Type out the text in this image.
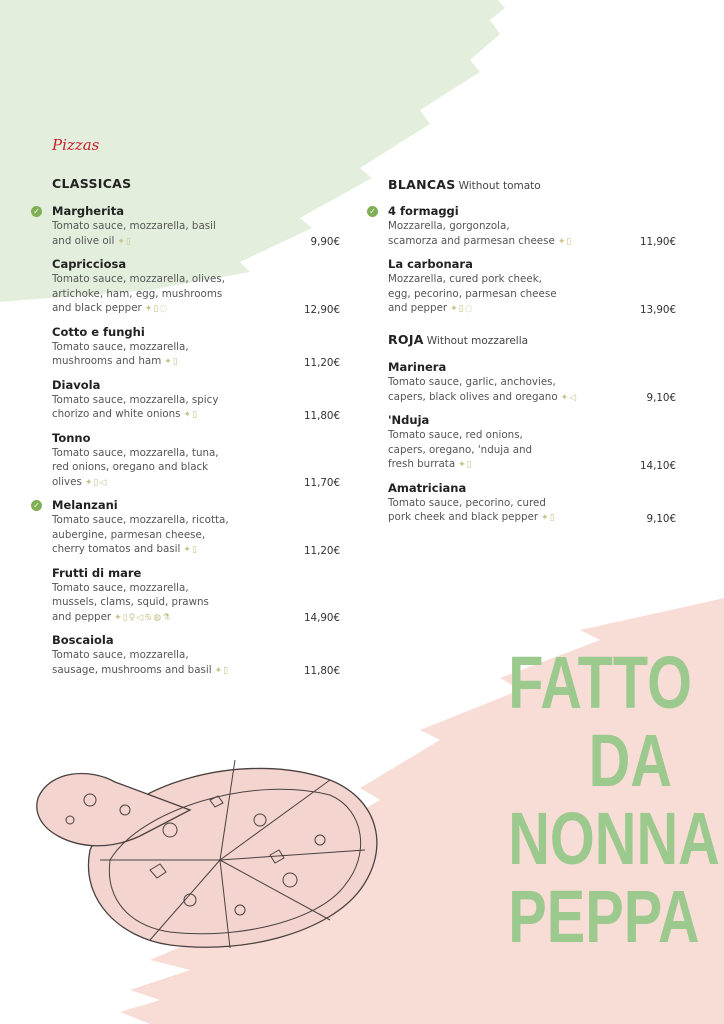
Pizzas
CLASSICAS
✓ Margherita
Tomato sauce, mozzarella, basil
and olive oil ✦▯	9,90€
Capricciosa
Tomato sauce, mozzarella, olives,
artichoke, ham, egg, mushrooms
and black pepper ✦▯◌	12,90€
Cotto e funghi
Tomato sauce, mozzarella,
mushrooms and ham ✦▯	11,20€
Diavola
Tomato sauce, mozzarella, spicy
chorizo and white onions ✦▯	11,80€
Tonno
Tomato sauce, mozzarella, tuna,
red onions, oregano and black
olives ✦▯◁	11,70€
✓ Melanzani
Tomato sauce, mozzarella, ricotta,
aubergine, parmesan cheese,
cherry tomatos and basil ✦▯	11,20€
Frutti di mare
Tomato sauce, mozzarella,
mussels, clams, squid, prawns
and pepper ✦▯♀◁♋◍⚗	14,90€
Boscaiola
Tomato sauce, mozzarella,
sausage, mushrooms and basil ✦▯	11,80€
BLANCAS Without tomato
✓ 4 formaggi
Mozzarella, gorgonzola,
scamorza and parmesan cheese ✦▯	11,90€
La carbonara
Mozzarella, cured pork cheek,
egg, pecorino, parmesan cheese
and pepper ✦▯◌	13,90€
ROJA Without mozzarella
Marinera
Tomato sauce, garlic, anchovies,
capers, black olives and oregano ✦◁	9,10€
'Nduja
Tomato sauce, red onions,
capers, oregano, 'nduja and
fresh burrata ✦▯	14,10€
Amatriciana
Tomato sauce, pecorino, cured
pork cheek and black pepper ✦▯	9,10€
FATTO
DA
NONNA
PEPPA
